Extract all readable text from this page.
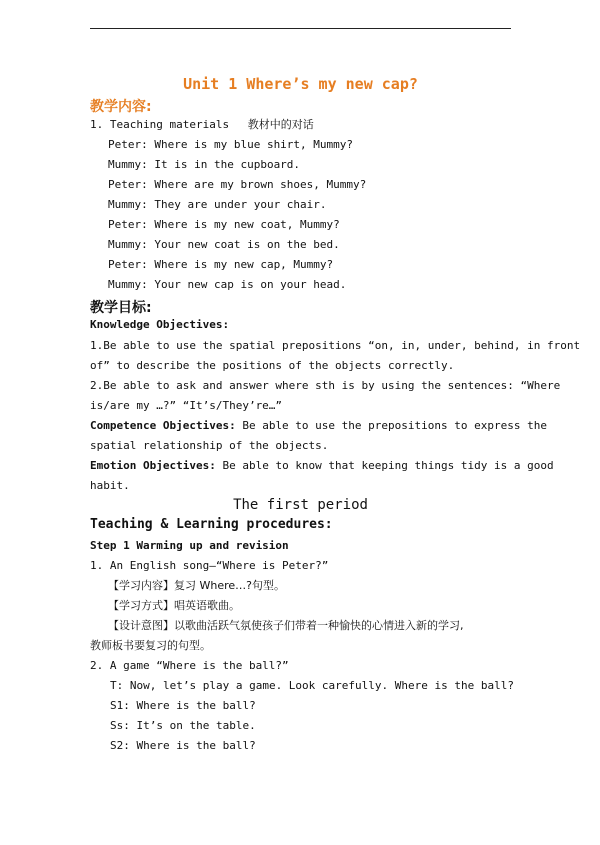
Unit 1 Where’s my new cap?
教学内容:
1. Teaching materials 教材中的对话
Peter: Where is my blue shirt, Mummy?
Mummy: It is in the cupboard.
Peter: Where are my brown shoes, Mummy?
Mummy: They are under your chair.
Peter: Where is my new coat, Mummy?
Mummy: Your new coat is on the bed.
Peter: Where is my new cap, Mummy?
Mummy: Your new cap is on your head.
教学目标:
Knowledge Objectives:
1.Be able to use the spatial prepositions “on, in, under, behind, in front
of” to describe the positions of the objects correctly.
2.Be able to ask and answer where sth is by using the sentences: “Where
is/are my …?” “It’s/They’re…”
Competence Objectives: Be able to use the prepositions to express the
spatial relationship of the objects.
Emotion Objectives: Be able to know that keeping things tidy is a good
habit.
The first period
Teaching & Learning procedures:
Step 1 Warming up and revision
1. An English song—“Where is Peter?”
【学习内容】复习 Where…?句型。
【学习方式】唱英语歌曲。
【设计意图】以歌曲活跃气氛使孩子们带着一种愉快的心情进入新的学习,
教师板书要复习的句型。
2. A game “Where is the ball?”
T: Now, let’s play a game. Look carefully. Where is the ball?
S1: Where is the ball?
Ss: It’s on the table.
S2: Where is the ball?
